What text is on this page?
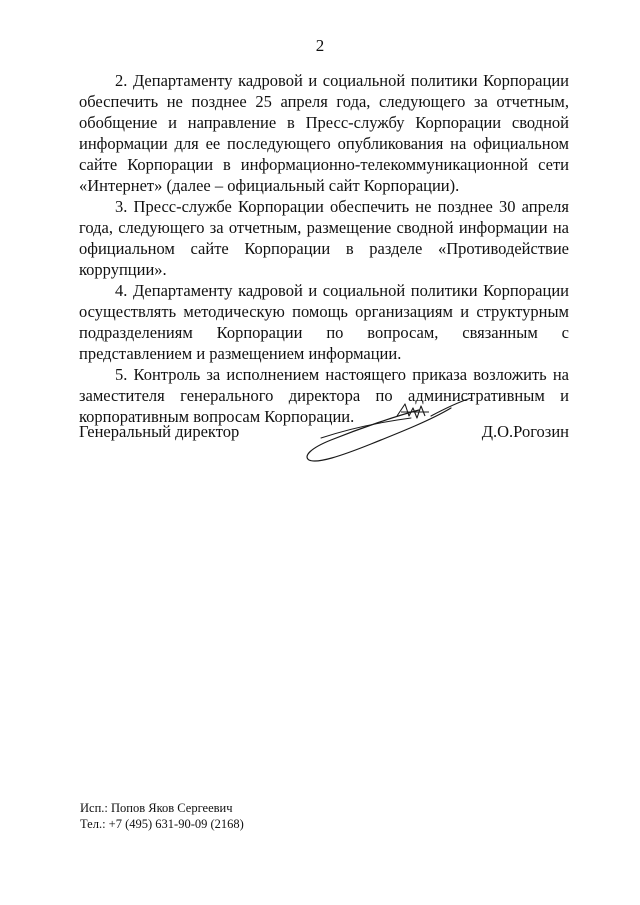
2

2. Департаменту кадровой и социальной политики Корпорации обеспечить не позднее 25 апреля года, следующего за отчетным, обобщение и направление в Пресс-службу Корпорации сводной информации для ее последующего опубликования на официальном сайте Корпорации в информационно-телекоммуникационной сети «Интернет» (далее – официальный сайт Корпорации).

3. Пресс-службе Корпорации обеспечить не позднее 30 апреля года, следующего за отчетным, размещение сводной информации на официальном сайте Корпорации в разделе «Противодействие коррупции».

4. Департаменту кадровой и социальной политики Корпорации осуществлять методическую помощь организациям и структурным подразделениям Корпорации по вопросам, связанным с представлением и размещением информации.

5. Контроль за исполнением настоящего приказа возложить на заместителя генерального директора по административным и корпоративным вопросам Корпорации.

Генеральный директор	Д.О.Рогозин
Исп.: Попов Яков Сергеевич
Тел.: +7 (495) 631-90-09 (2168)
